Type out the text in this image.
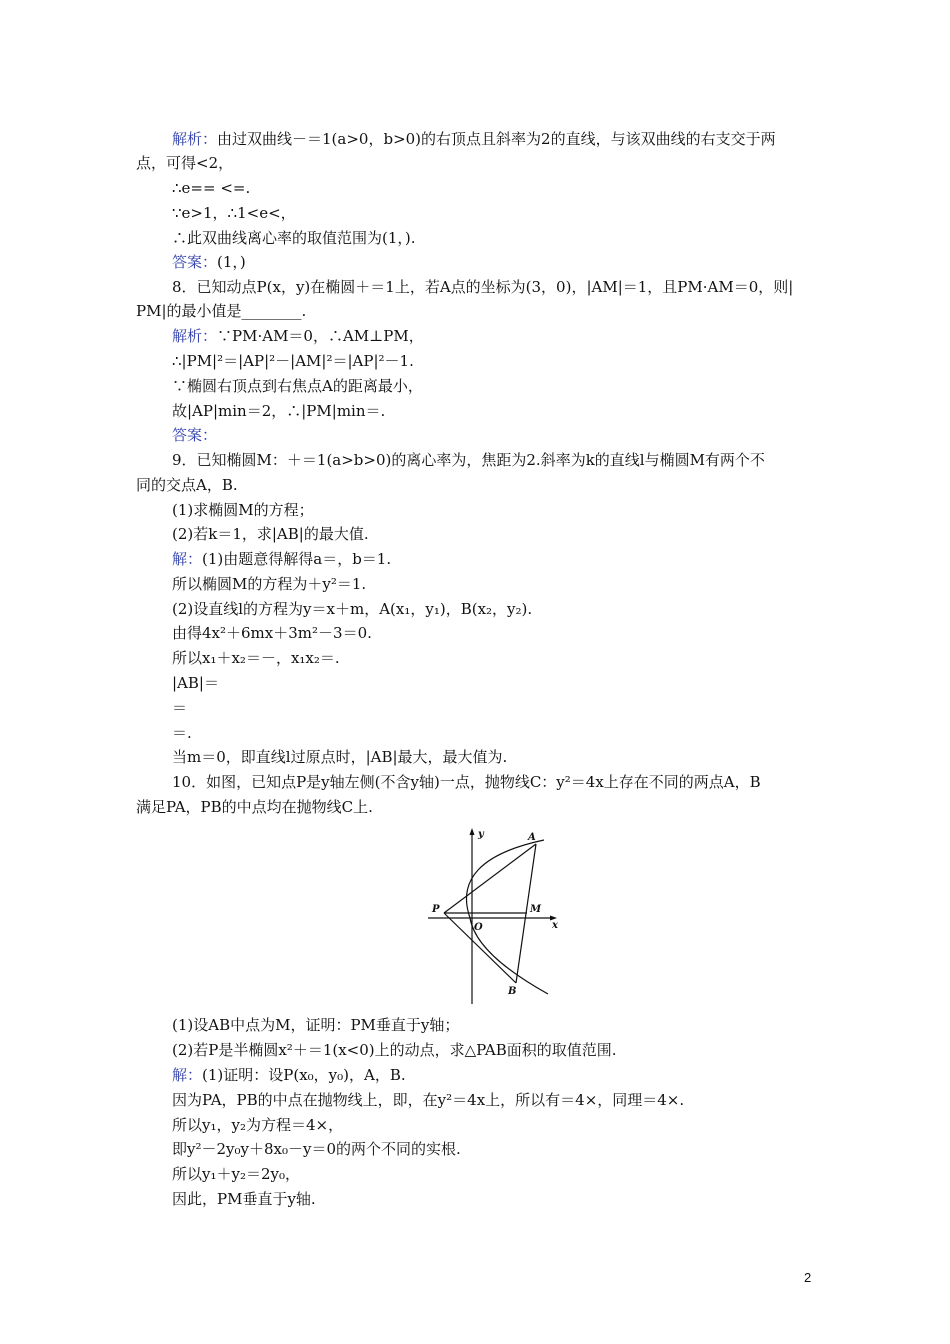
解析：由过双曲线－＝1(a>0，b>0)的右顶点且斜率为2的直线，与该双曲线的右支交于两
点，可得<2，
∴e== <=.
∵e>1，∴1<e<，
∴此双曲线离心率的取值范围为(1，).
答案：(1，)
8．已知动点P(x，y)在椭圆＋＝1上，若A点的坐标为(3，0)，|AM|＝1，且PM·AM＝0，则|
PM|的最小值是________.
解析：∵PM·AM＝0，∴AM⊥PM，
∴|PM|²＝|AP|²－|AM|²＝|AP|²－1.
∵椭圆右顶点到右焦点A的距离最小，
故|AP|min＝2，∴|PM|min＝.
答案：
9．已知椭圆M：＋＝1(a>b>0)的离心率为，焦距为2.斜率为k的直线l与椭圆M有两个不
同的交点A，B.
(1)求椭圆M的方程；
(2)若k＝1，求|AB|的最大值.
解：(1)由题意得解得a＝，b＝1.
所以椭圆M的方程为＋y²＝1.
(2)设直线l的方程为y＝x＋m，A(x₁，y₁)，B(x₂，y₂).
由得4x²＋6mx＋3m²－3＝0.
所以x₁＋x₂＝－，x₁x₂＝.
|AB|＝
＝
＝.
当m＝0，即直线l过原点时，|AB|最大，最大值为.
10．如图，已知点P是y轴左侧(不含y轴)一点，抛物线C：y²＝4x上存在不同的两点A，B
满足PA，PB的中点均在抛物线C上.
(1)设AB中点为M，证明：PM垂直于y轴；
(2)若P是半椭圆x²＋＝1(x<0)上的动点，求△PAB面积的取值范围.
解：(1)证明：设P(x₀，y₀)，A，B.
因为PA，PB的中点在抛物线上，即，在y²＝4x上，所以有＝4×，同理＝4×.
所以y₁，y₂为方程＝4×，
即y²－2y₀y＋8x₀－y＝0的两个不同的实根.
所以y₁＋y₂＝2y₀，
因此，PM垂直于y轴.
A
B
P	M
O	x
y
2
